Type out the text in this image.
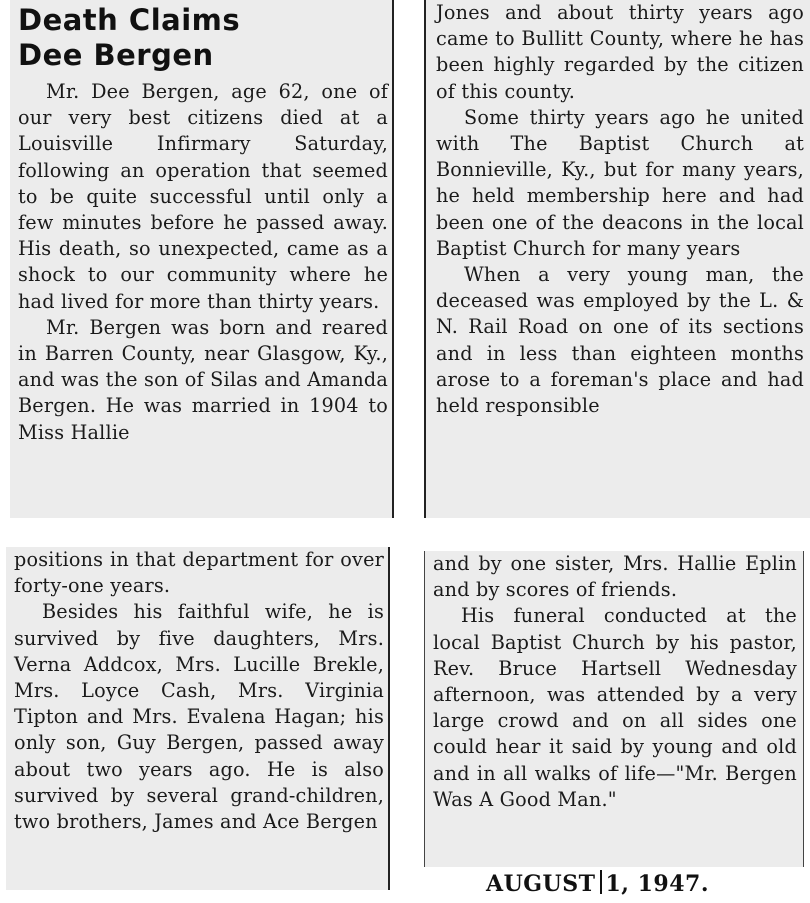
Death Claims
Dee Bergen

Mr. Dee Bergen, age 62, one of our very best citizens died at a Louisville Infirmary Saturday, following an operation that seemed to be quite successful until only a few minutes before he passed away. His death, so unexpected, came as a shock to our community where he had lived for more than thirty years.

Mr. Bergen was born and reared in Barren County, near Glasgow, Ky., and was the son of Silas and Amanda Bergen. He was married in 1904 to Miss Hallie

Jones and about thirty years ago came to Bullitt County, where he has been highly regarded by the citizen of this county.

Some thirty years ago he united with The Baptist Church at Bonnieville, Ky., but for many years, he held membership here and had been one of the deacons in the local Baptist Church for many years

When a very young man, the deceased was employed by the L. & N. Rail Road on one of its sections and in less than eighteen months arose to a foreman's place and had held responsible

positions in that department for over forty-one years.

Besides his faithful wife, he is survived by five daughters, Mrs. Verna Addcox, Mrs. Lucille Brekle, Mrs. Loyce Cash, Mrs. Virginia Tipton and Mrs. Evalena Hagan; his only son, Guy Bergen, passed away about two years ago. He is also survived by several grand-children, two brothers, James and Ace Bergen

and by one sister, Mrs. Hallie Eplin and by scores of friends.

His funeral conducted at the local Baptist Church by his pastor, Rev. Bruce Hartsell Wednesday afternoon, was attended by a very large crowd and on all sides one could hear it said by young and old and in all walks of life—"Mr. Bergen Was A Good Man."

AUGUST 1, 1947.
